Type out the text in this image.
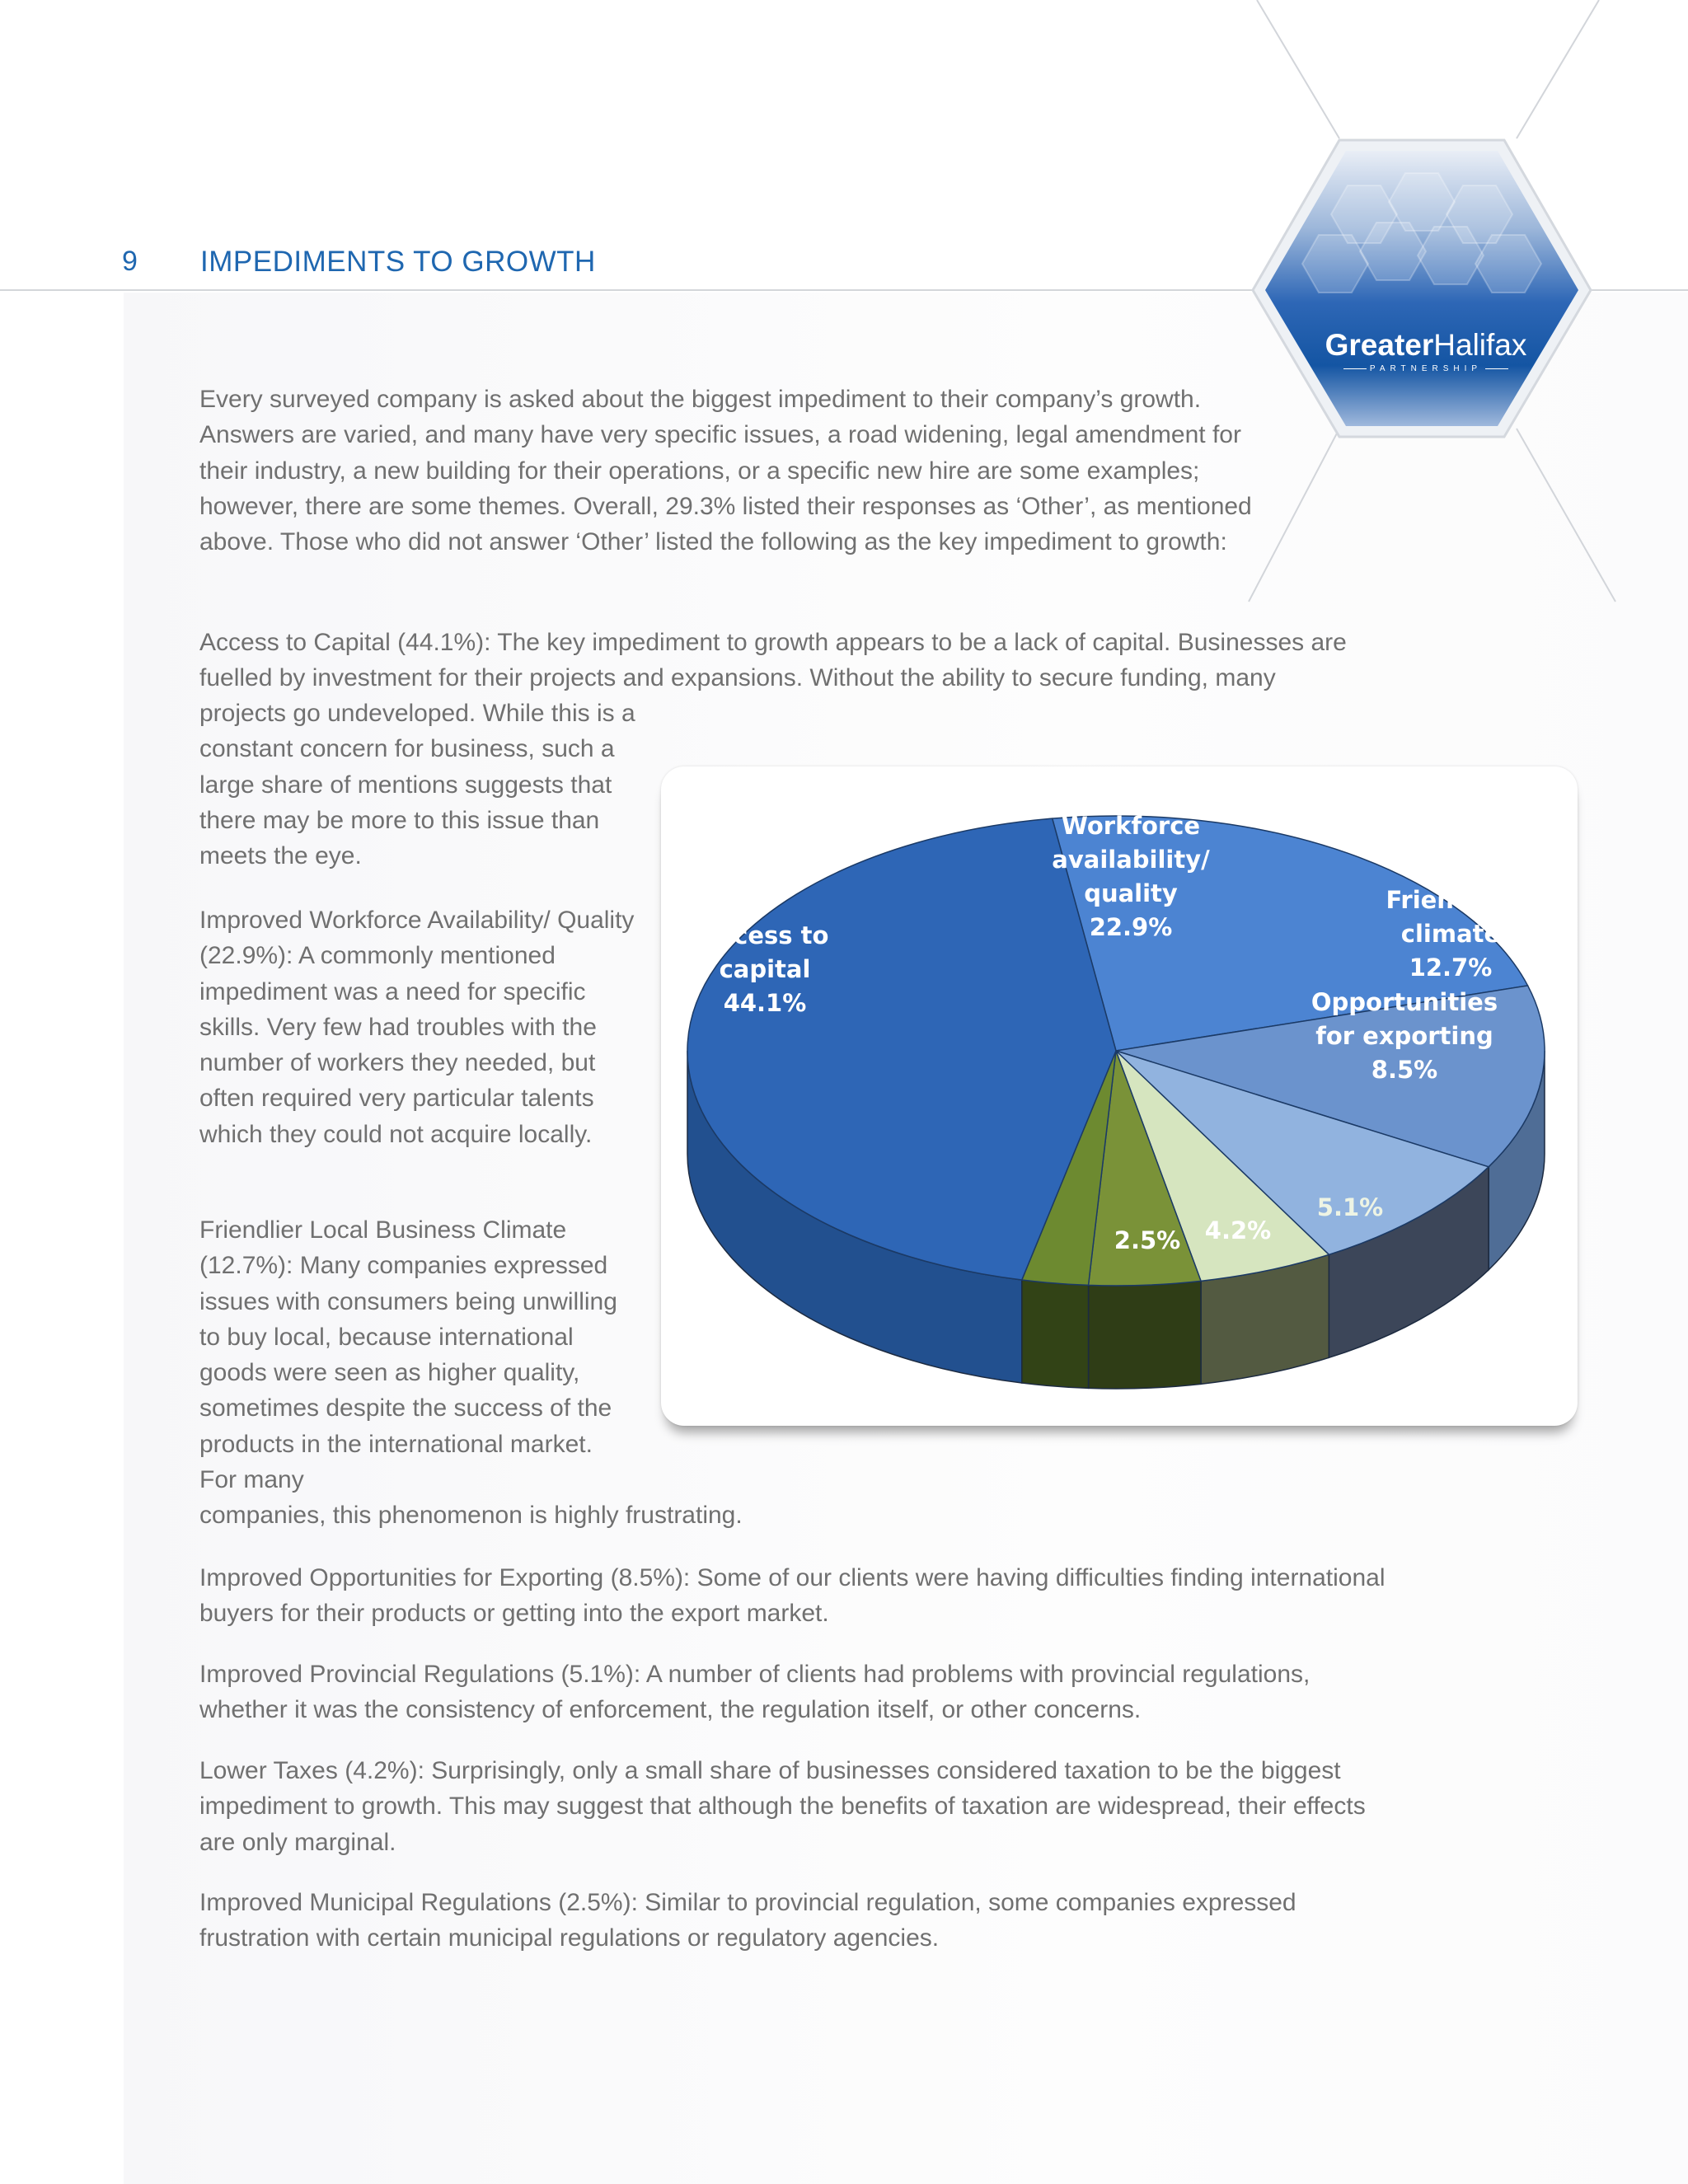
9 IMPEDIMENTS TO GROWTH
GreaterHalifax
PARTNERSHIP

Every surveyed company is asked about the biggest impediment to their company’s growth. Answers are varied, and many have very specific issues, a road widening, legal amendment for their industry, a new building for their operations, or a specific new hire are some examples; however, there are some themes. Overall, 29.3% listed their responses as ‘Other’, as mentioned above. Those who did not answer ‘Other’ listed the following as the key impediment to growth:

Access to Capital (44.1%): The key impediment to growth appears to be a lack of capital. Businesses are fuelled by investment for their projects and expansions. Without the ability to secure funding, many

projects go undeveloped. While this is a constant concern for business, such a large share of mentions suggests that there may be more to this issue than meets the eye.

Improved Workforce Availability/ Quality (22.9%): A commonly mentioned impediment was a need for specific skills. Very few had troubles with the number of workers they needed, but often required very particular talents which they could not acquire locally.

Friendlier Local Business Climate (12.7%): Many companies expressed issues with consumers being unwilling to buy local, because international goods were seen as higher quality, sometimes despite the success of the products in the international market. For many

companies, this phenomenon is highly frustrating.

Improved Opportunities for Exporting (8.5%): Some of our clients were having difficulties finding international buyers for their products or getting into the export market.

Improved Provincial Regulations (5.1%): A number of clients had problems with provincial regulations, whether it was the consistency of enforcement, the regulation itself, or other concerns.

Lower Taxes (4.2%): Surprisingly, only a small share of businesses considered taxation to be the biggest impediment to growth. This may suggest that although the benefits of taxation are widespread, their effects are only marginal.

Improved Municipal Regulations (2.5%): Similar to provincial regulation, some companies expressed frustration with certain municipal regulations or regulatory agencies.

Workforce availability/ quality 22.9%
Friendlier climate 12.7%
Opportunities for exporting 8.5%
5.1%
4.2%
2.5%
Access to capital 44.1%
